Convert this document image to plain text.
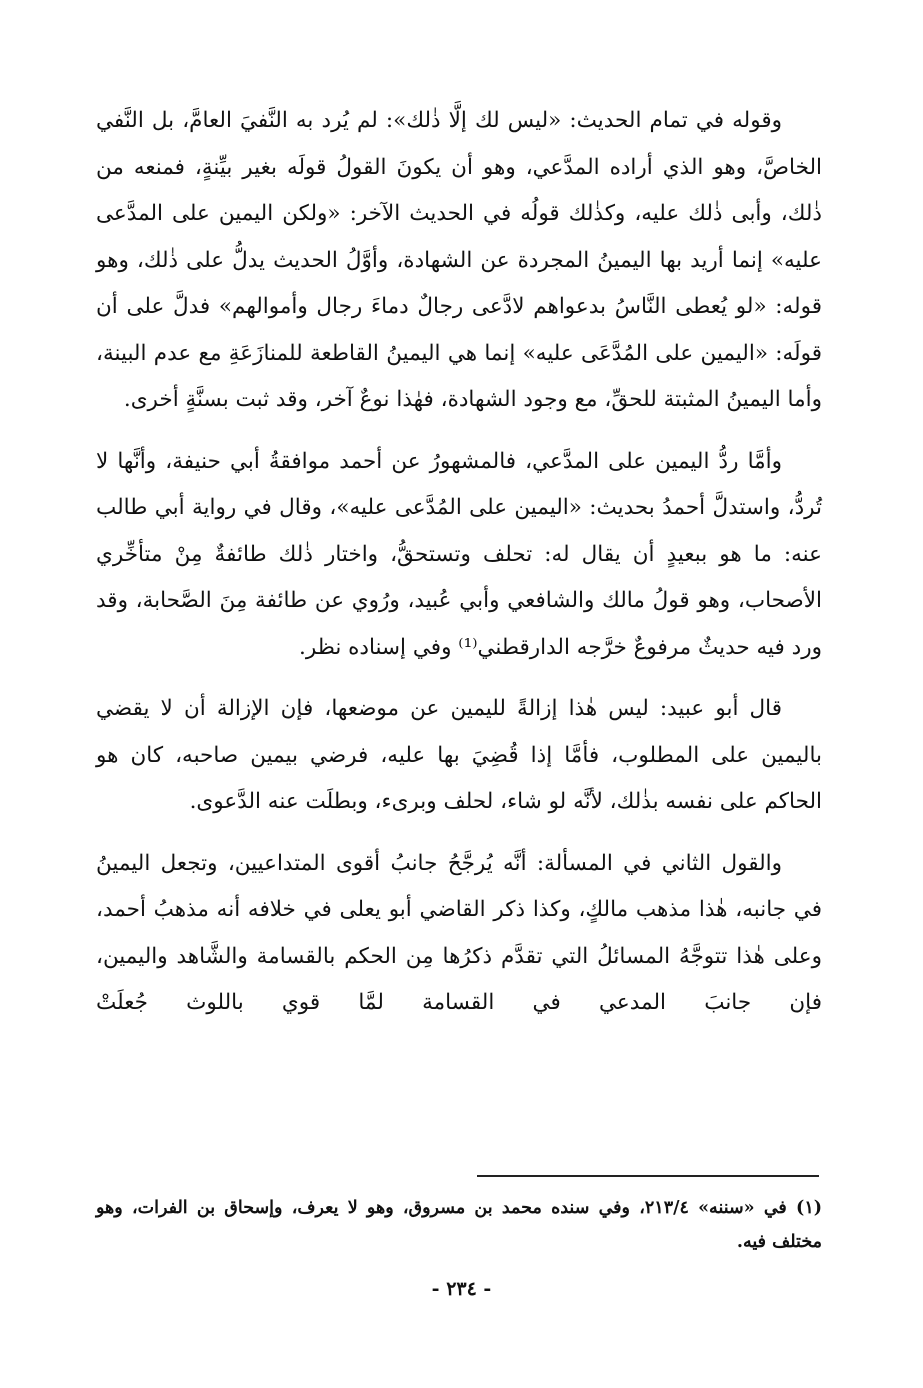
وقوله في تمام الحديث: «ليس لك إلَّا ذٰلك»: لم يُرد به النَّفيَ العامَّ، بل النَّفي الخاصَّ، وهو الذي أراده المدَّعي، وهو أن يكونَ القولُ قولَه بغير بيِّنةٍ، فمنعه من ذٰلك، وأبى ذٰلك عليه، وكذٰلك قولُه في الحديث الآخر: «ولكن اليمين على المدَّعى عليه» إنما أريد بها اليمينُ المجردة عن الشهادة، وأوَّلُ الحديث يدلُّ على ذٰلك، وهو قوله: «لو يُعطى النَّاسُ بدعواهم لادَّعى رجالٌ دماءَ رجال وأموالهم» فدلَّ على أن قولَه: «اليمين على المُدَّعَى عليه» إنما هي اليمينُ القاطعة للمنازَعَةِ مع عدم البينة، وأما اليمينُ المثبتة للحقِّ، مع وجود الشهادة، فهٰذا نوعٌ آخر، وقد ثبت بسنَّةٍ أخرى.

وأمَّا ردُّ اليمين على المدَّعي، فالمشهورُ عن أحمد موافقةُ أبي حنيفة، وأنَّها لا تُردُّ، واستدلَّ أحمدُ بحديث: «اليمين على المُدَّعى عليه»، وقال في رواية أبي طالب عنه: ما هو ببعيدٍ أن يقال له: تحلف وتستحقُّ، واختار ذٰلك طائفةٌ مِنْ متأخِّري الأصحاب، وهو قولُ مالك والشافعي وأبي عُبيد، ورُوي عن طائفة مِنَ الصَّحابة، وقد ورد فيه حديثٌ مرفوعٌ خرَّجه الدارقطني⁽¹⁾ وفي إسناده نظر.

قال أبو عبيد: ليس هٰذا إزالةً لليمين عن موضعها، فإن الإزالة أن لا يقضي باليمين على المطلوب، فأمَّا إذا قُضِيَ بها عليه، فرضي بيمين صاحبه، كان هو الحاكم على نفسه بذٰلك، لأنَّه لو شاء، لحلف وبرىء، وبطلَت عنه الدَّعوى.

والقول الثاني في المسألة: أنَّه يُرجَّحُ جانبُ أقوى المتداعيين، وتجعل اليمينُ في جانبه، هٰذا مذهب مالكٍ، وكذا ذكر القاضي أبو يعلى في خلافه أنه مذهبُ أحمد، وعلى هٰذا تتوجَّهُ المسائلُ التي تقدَّم ذكرُها مِن الحكم بالقسامة والشَّاهد واليمين، فإن جانبَ المدعي في القسامة لمَّا قوي باللوث جُعلَتْ

(١) في «سننه» ٢١٣/٤، وفي سنده محمد بن مسروق، وهو لا يعرف، وإسحاق بن الفرات، وهو مختلف فيه.

- ٢٣٤ -
